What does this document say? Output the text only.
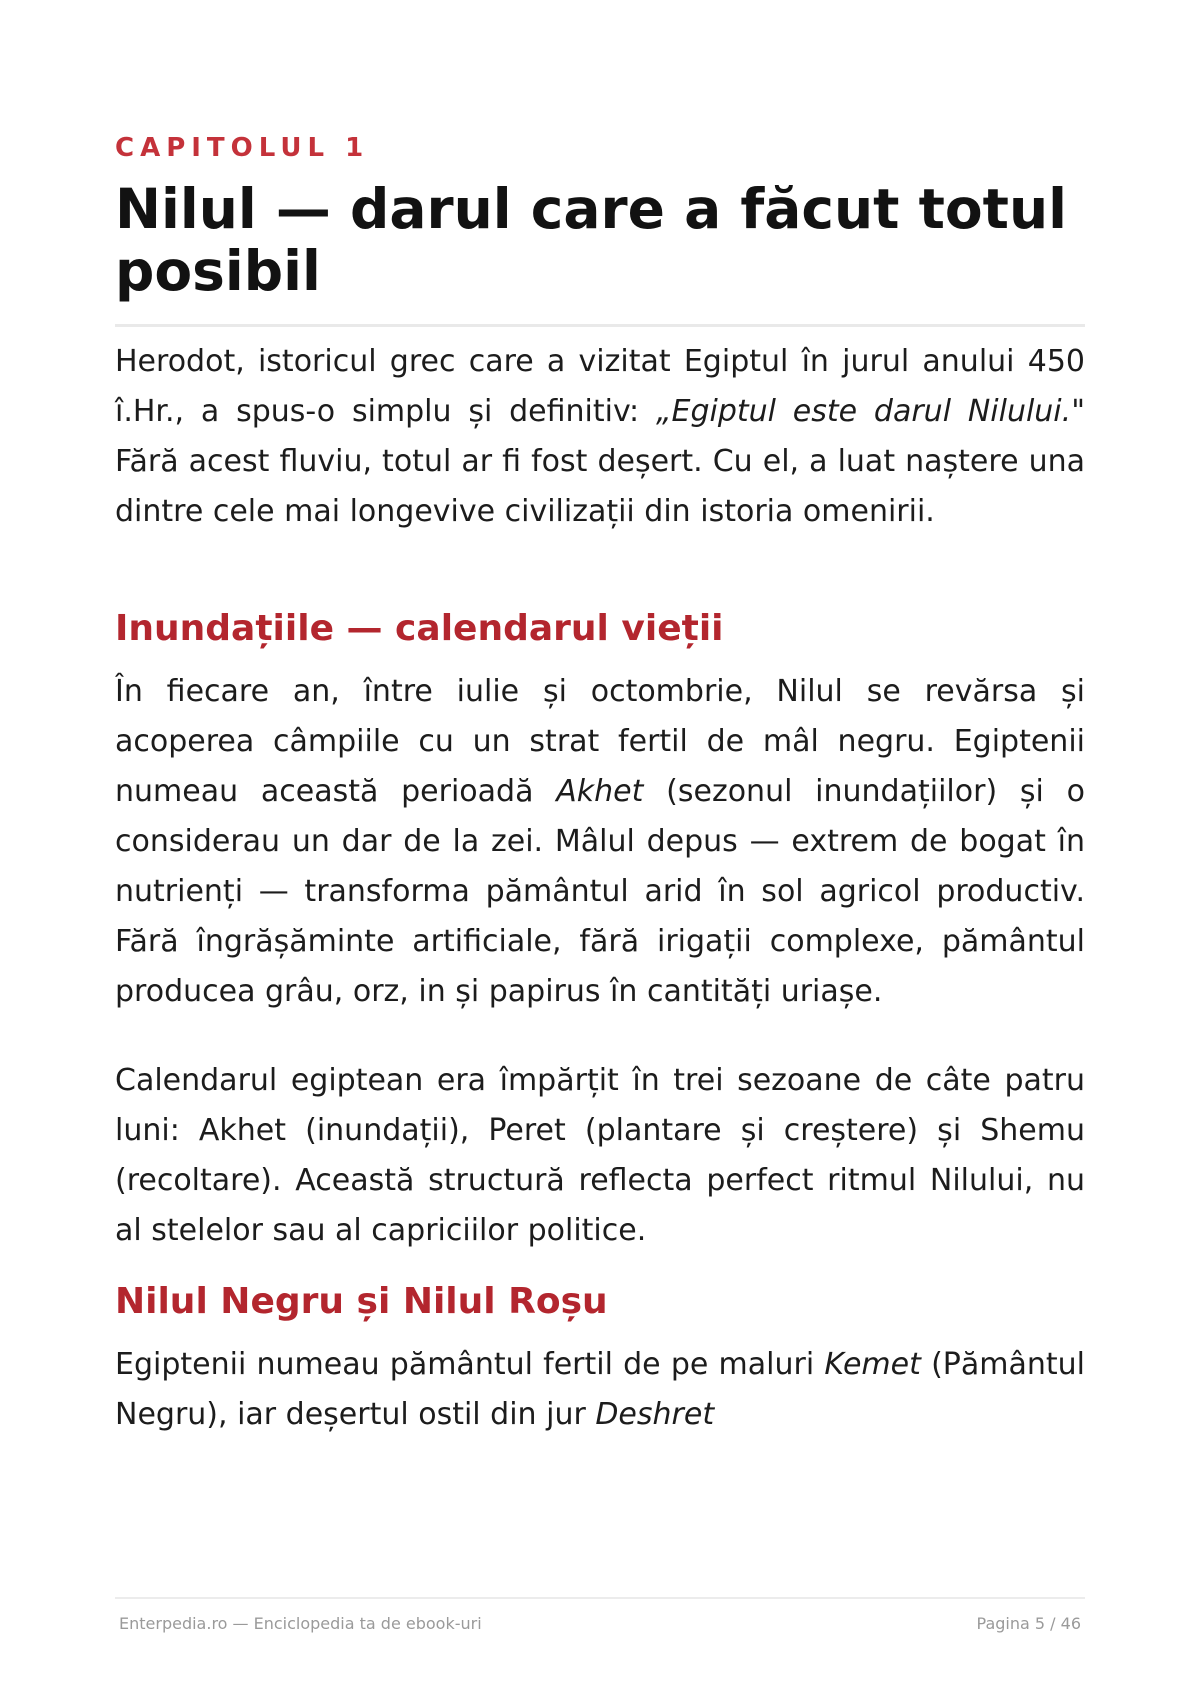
CAPITOLUL 1
Nilul — darul care a făcut totul posibil

Herodot, istoricul grec care a vizitat Egiptul în jurul anului 450 î.Hr., a spus-o simplu și definitiv: „Egiptul este darul Nilului." Fără acest fluviu, totul ar fi fost deșert. Cu el, a luat naștere una dintre cele mai longevive civilizații din istoria omenirii.

Inundațiile — calendarul vieții

În fiecare an, între iulie și octombrie, Nilul se revărsa și acoperea câmpiile cu un strat fertil de mâl negru. Egiptenii numeau această perioadă Akhet (sezonul inundațiilor) și o considerau un dar de la zei. Mâlul depus — extrem de bogat în nutrienți — transforma pământul arid în sol agricol productiv. Fără îngrășăminte artificiale, fără irigații complexe, pământul producea grâu, orz, in și papirus în cantități uriașe.

Calendarul egiptean era împărțit în trei sezoane de câte patru luni: Akhet (inundații), Peret (plantare și creștere) și Shemu (recoltare). Această structură reflecta perfect ritmul Nilului, nu al stelelor sau al capriciilor politice.

Nilul Negru și Nilul Roșu

Egiptenii numeau pământul fertil de pe maluri Kemet (Pământul Negru), iar deșertul ostil din jur Deshret

Enterpedia.ro — Enciclopedia ta de ebook-uri	Pagina 5 / 46
